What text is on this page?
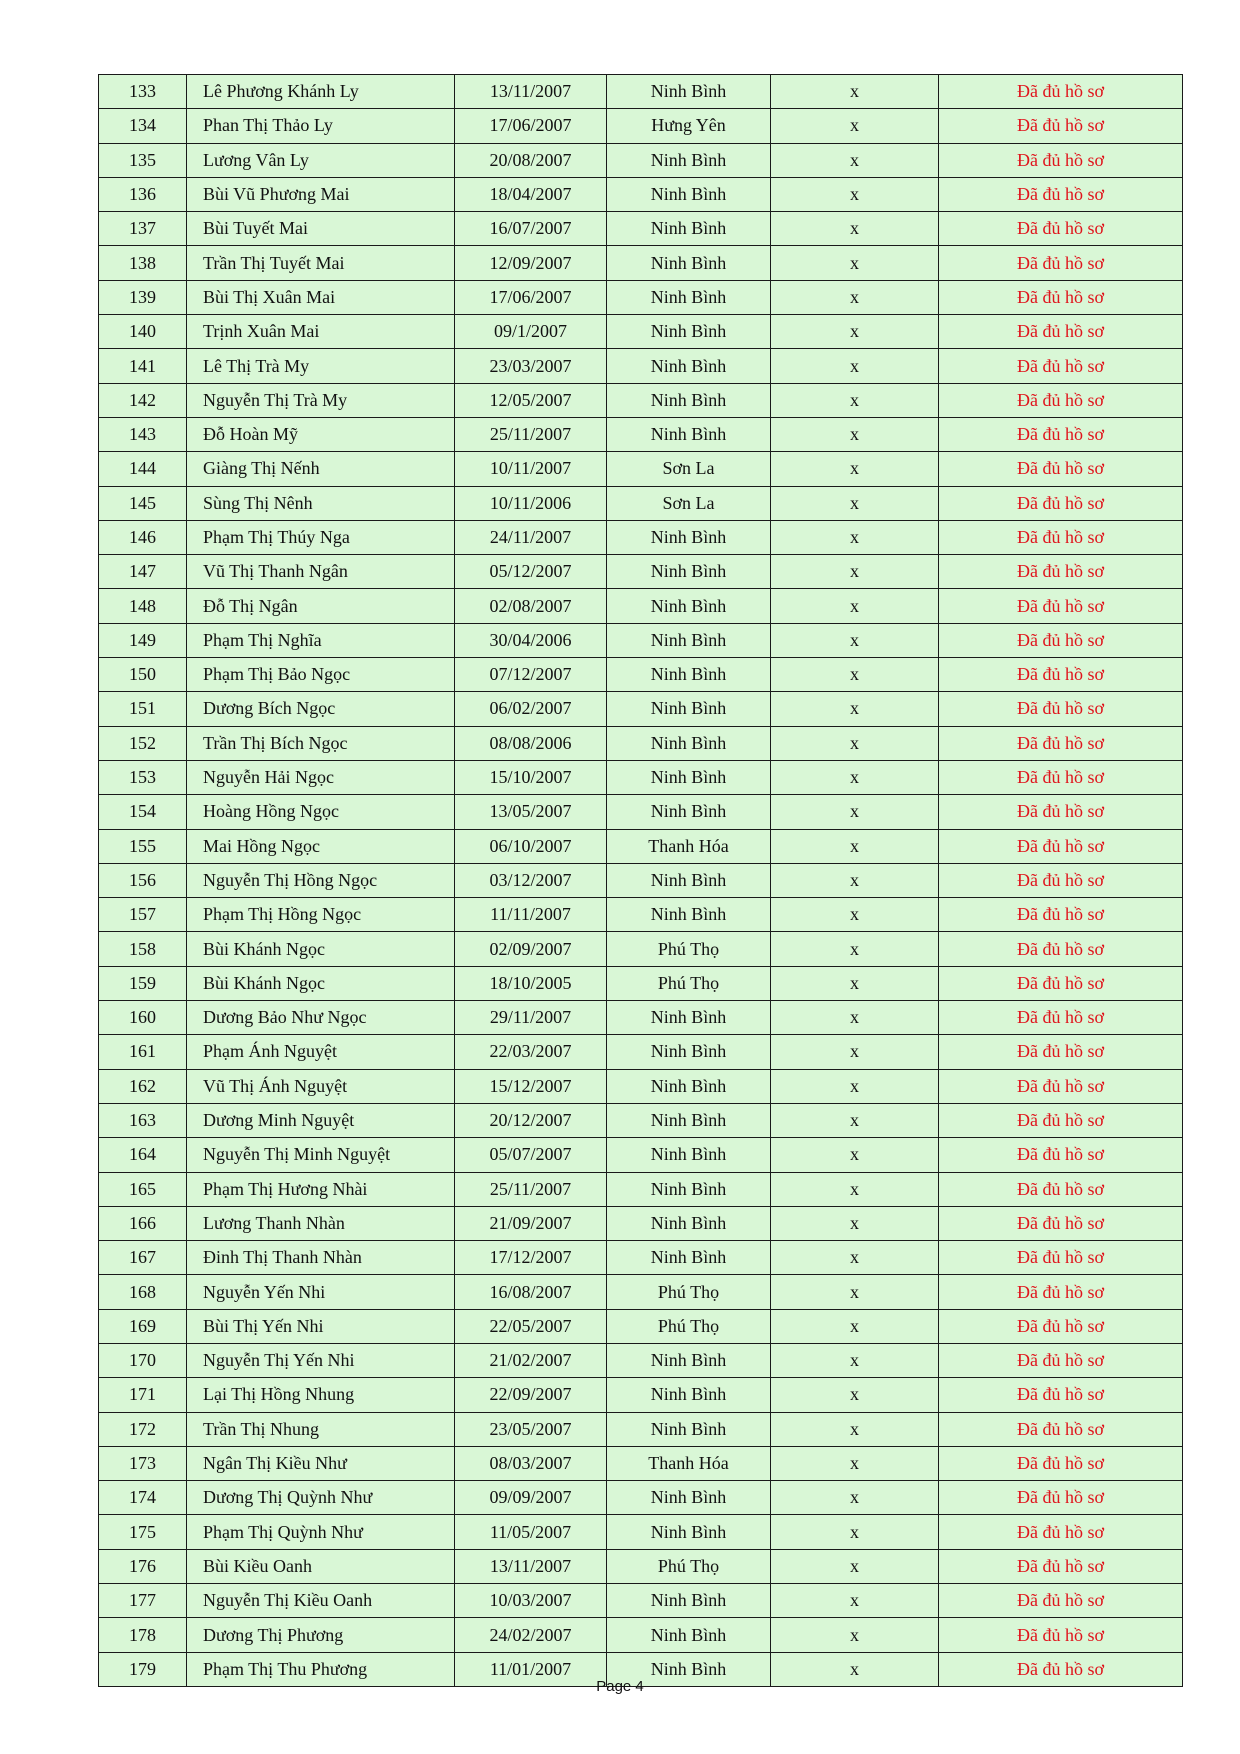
133	Lê Phương Khánh Ly	13/11/2007	Ninh Bình	x	Đã đủ hồ sơ
134	Phan Thị Thảo Ly	17/06/2007	Hưng Yên	x	Đã đủ hồ sơ
135	Lương Vân Ly	20/08/2007	Ninh Bình	x	Đã đủ hồ sơ
136	Bùi Vũ Phương Mai	18/04/2007	Ninh Bình	x	Đã đủ hồ sơ
137	Bùi Tuyết Mai	16/07/2007	Ninh Bình	x	Đã đủ hồ sơ
138	Trần Thị Tuyết Mai	12/09/2007	Ninh Bình	x	Đã đủ hồ sơ
139	Bùi Thị Xuân Mai	17/06/2007	Ninh Bình	x	Đã đủ hồ sơ
140	Trịnh Xuân Mai	09/1/2007	Ninh Bình	x	Đã đủ hồ sơ
141	Lê Thị Trà My	23/03/2007	Ninh Bình	x	Đã đủ hồ sơ
142	Nguyễn Thị Trà My	12/05/2007	Ninh Bình	x	Đã đủ hồ sơ
143	Đỗ Hoàn Mỹ	25/11/2007	Ninh Bình	x	Đã đủ hồ sơ
144	Giàng Thị Nếnh	10/11/2007	Sơn La	x	Đã đủ hồ sơ
145	Sùng Thị Nênh	10/11/2006	Sơn La	x	Đã đủ hồ sơ
146	Phạm Thị Thúy Nga	24/11/2007	Ninh Bình	x	Đã đủ hồ sơ
147	Vũ Thị Thanh Ngân	05/12/2007	Ninh Bình	x	Đã đủ hồ sơ
148	Đỗ Thị Ngân	02/08/2007	Ninh Bình	x	Đã đủ hồ sơ
149	Phạm Thị Nghĩa	30/04/2006	Ninh Bình	x	Đã đủ hồ sơ
150	Phạm Thị Bảo Ngọc	07/12/2007	Ninh Bình	x	Đã đủ hồ sơ
151	Dương Bích Ngọc	06/02/2007	Ninh Bình	x	Đã đủ hồ sơ
152	Trần Thị Bích Ngọc	08/08/2006	Ninh Bình	x	Đã đủ hồ sơ
153	Nguyễn Hải Ngọc	15/10/2007	Ninh Bình	x	Đã đủ hồ sơ
154	Hoàng Hồng Ngọc	13/05/2007	Ninh Bình	x	Đã đủ hồ sơ
155	Mai Hồng Ngọc	06/10/2007	Thanh Hóa	x	Đã đủ hồ sơ
156	Nguyễn Thị Hồng Ngọc	03/12/2007	Ninh Bình	x	Đã đủ hồ sơ
157	Phạm Thị Hồng Ngọc	11/11/2007	Ninh Bình	x	Đã đủ hồ sơ
158	Bùi Khánh Ngọc	02/09/2007	Phú Thọ	x	Đã đủ hồ sơ
159	Bùi Khánh Ngọc	18/10/2005	Phú Thọ	x	Đã đủ hồ sơ
160	Dương Bảo Như Ngọc	29/11/2007	Ninh Bình	x	Đã đủ hồ sơ
161	Phạm Ánh Nguyệt	22/03/2007	Ninh Bình	x	Đã đủ hồ sơ
162	Vũ Thị Ánh Nguyệt	15/12/2007	Ninh Bình	x	Đã đủ hồ sơ
163	Dương Minh Nguyệt	20/12/2007	Ninh Bình	x	Đã đủ hồ sơ
164	Nguyễn Thị Minh Nguyệt	05/07/2007	Ninh Bình	x	Đã đủ hồ sơ
165	Phạm Thị Hương Nhài	25/11/2007	Ninh Bình	x	Đã đủ hồ sơ
166	Lương Thanh Nhàn	21/09/2007	Ninh Bình	x	Đã đủ hồ sơ
167	Đinh Thị Thanh Nhàn	17/12/2007	Ninh Bình	x	Đã đủ hồ sơ
168	Nguyễn Yến Nhi	16/08/2007	Phú Thọ	x	Đã đủ hồ sơ
169	Bùi Thị Yến Nhi	22/05/2007	Phú Thọ	x	Đã đủ hồ sơ
170	Nguyễn Thị Yến Nhi	21/02/2007	Ninh Bình	x	Đã đủ hồ sơ
171	Lại Thị Hồng Nhung	22/09/2007	Ninh Bình	x	Đã đủ hồ sơ
172	Trần Thị Nhung	23/05/2007	Ninh Bình	x	Đã đủ hồ sơ
173	Ngân Thị Kiều Như	08/03/2007	Thanh Hóa	x	Đã đủ hồ sơ
174	Dương Thị Quỳnh Như	09/09/2007	Ninh Bình	x	Đã đủ hồ sơ
175	Phạm Thị Quỳnh Như	11/05/2007	Ninh Bình	x	Đã đủ hồ sơ
176	Bùi Kiều Oanh	13/11/2007	Phú Thọ	x	Đã đủ hồ sơ
177	Nguyễn Thị Kiều Oanh	10/03/2007	Ninh Bình	x	Đã đủ hồ sơ
178	Dương Thị Phương	24/02/2007	Ninh Bình	x	Đã đủ hồ sơ
179	Phạm Thị Thu Phương	11/01/2007	Ninh Bình	x	Đã đủ hồ sơ
Page 4
